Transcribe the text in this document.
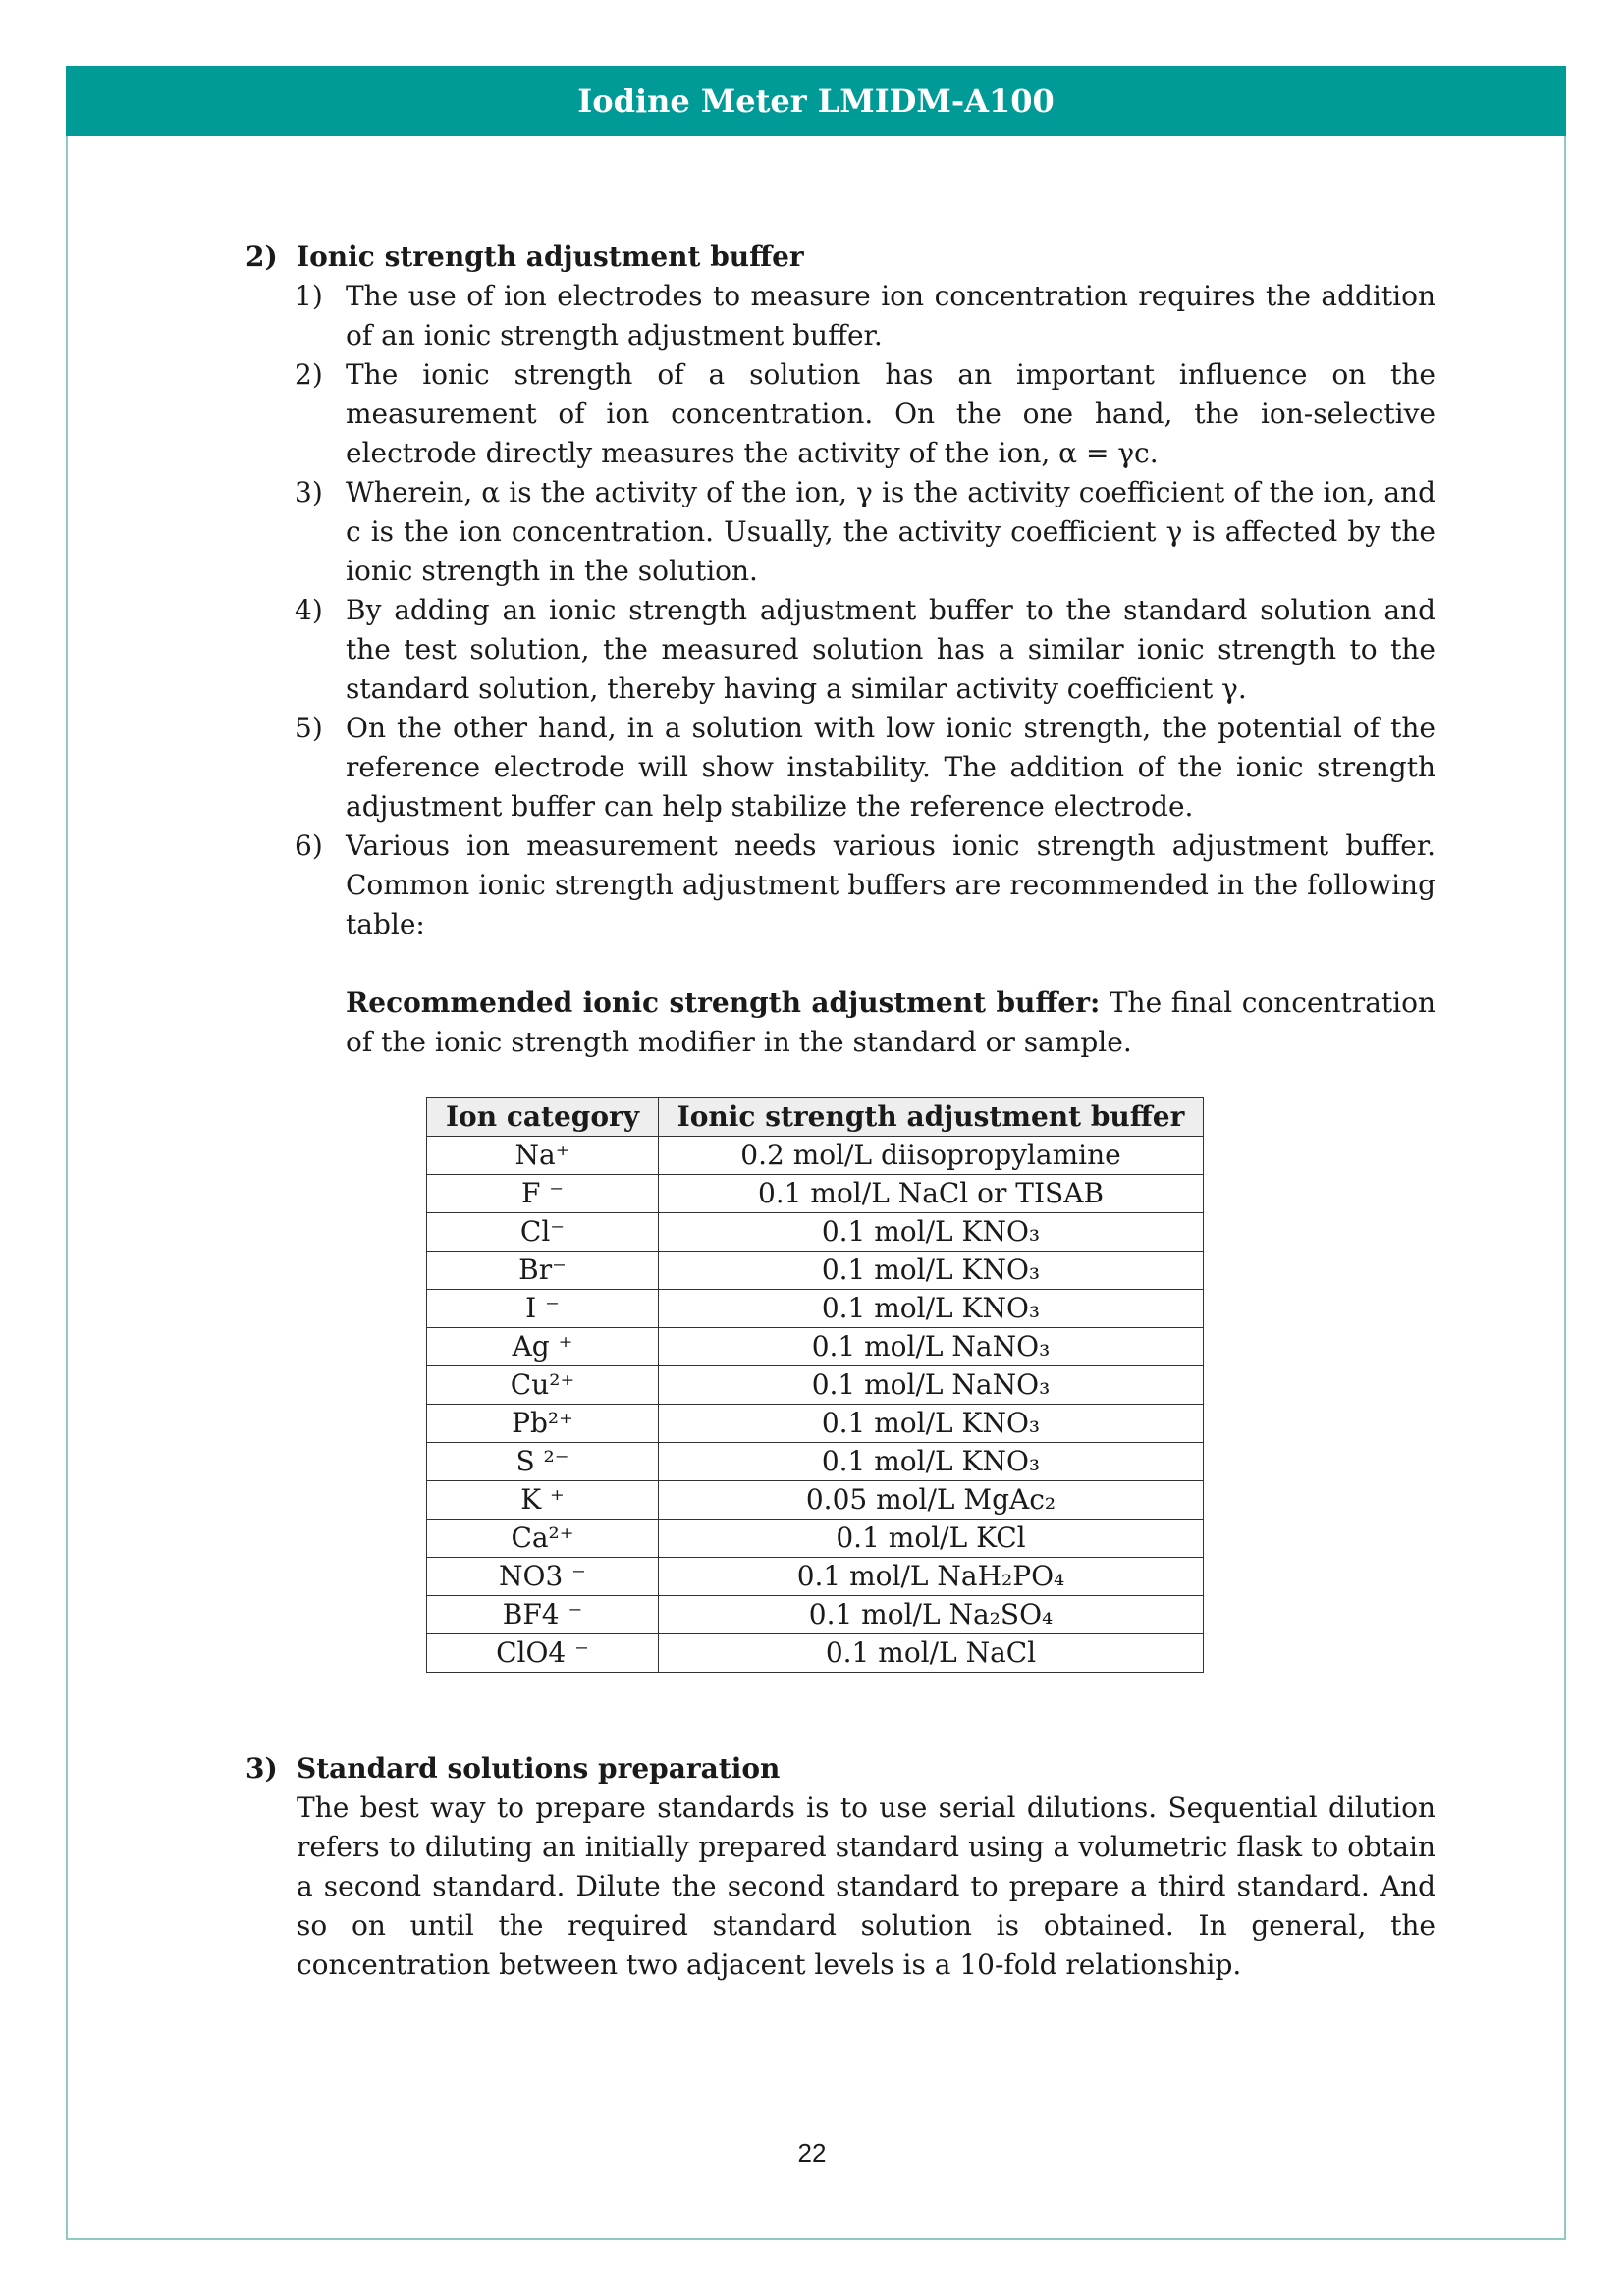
Iodine Meter LMIDM-A100
2) Ionic strength adjustment buffer
1) The use of ion electrodes to measure ion concentration requires the addition of an ionic strength adjustment buffer.
2) The ionic strength of a solution has an important influence on the measurement of ion concentration. On the one hand, the ion-selective electrode directly measures the activity of the ion, α = γc.
3) Wherein, α is the activity of the ion, γ is the activity coefficient of the ion, and c is the ion concentration. Usually, the activity coefficient γ is affected by the ionic strength in the solution.
4) By adding an ionic strength adjustment buffer to the standard solution and the test solution, the measured solution has a similar ionic strength to the standard solution, thereby having a similar activity coefficient γ.
5) On the other hand, in a solution with low ionic strength, the potential of the reference electrode will show instability. The addition of the ionic strength adjustment buffer can help stabilize the reference electrode.
6) Various ion measurement needs various ionic strength adjustment buffer. Common ionic strength adjustment buffers are recommended in the following table:
Recommended ionic strength adjustment buffer: The final concentration of the ionic strength modifier in the standard or sample.
Ion category	Ionic strength adjustment buffer
Na⁺	0.2 mol/L diisopropylamine
F ⁻	0.1 mol/L NaCl or TISAB
Cl⁻	0.1 mol/L KNO₃
Br⁻	0.1 mol/L KNO₃
I ⁻	0.1 mol/L KNO₃
Ag ⁺	0.1 mol/L NaNO₃
Cu²⁺	0.1 mol/L NaNO₃
Pb²⁺	0.1 mol/L KNO₃
S ²⁻	0.1 mol/L KNO₃
K ⁺	0.05 mol/L MgAc₂
Ca²⁺	0.1 mol/L KCl
NO3 ⁻	0.1 mol/L NaH₂PO₄
BF4 ⁻	0.1 mol/L Na₂SO₄
ClO4 ⁻	0.1 mol/L NaCl
3) Standard solutions preparation
The best way to prepare standards is to use serial dilutions. Sequential dilution refers to diluting an initially prepared standard using a volumetric flask to obtain a second standard. Dilute the second standard to prepare a third standard. And so on until the required standard solution is obtained. In general, the concentration between two adjacent levels is a 10-fold relationship.
22
